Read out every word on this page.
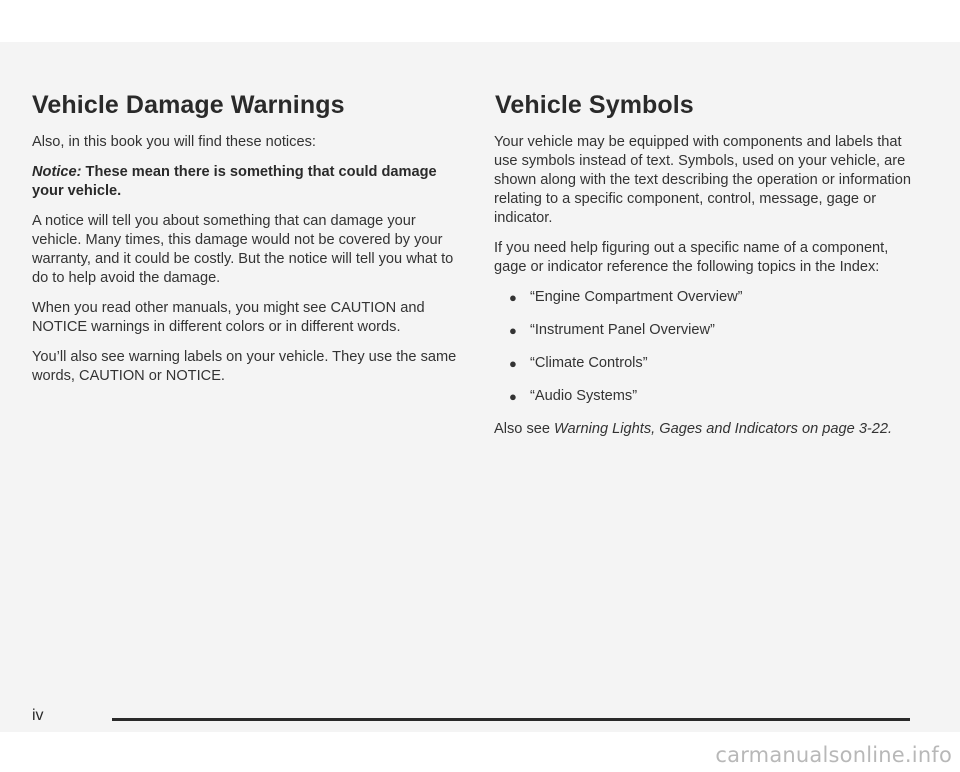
Vehicle Damage Warnings

Also, in this book you will find these notices:

Notice: These mean there is something that could damage your vehicle.

A notice will tell you about something that can damage your vehicle. Many times, this damage would not be covered by your warranty, and it could be costly. But the notice will tell you what to do to help avoid the damage.

When you read other manuals, you might see CAUTION and NOTICE warnings in different colors or in different words.

You’ll also see warning labels on your vehicle. They use the same words, CAUTION or NOTICE.

Vehicle Symbols

Your vehicle may be equipped with components and labels that use symbols instead of text. Symbols, used on your vehicle, are shown along with the text describing the operation or information relating to a specific component, control, message, gage or indicator.

If you need help figuring out a specific name of a component, gage or indicator reference the following topics in the Index:

● “Engine Compartment Overview”
● “Instrument Panel Overview”
● “Climate Controls”
● “Audio Systems”

Also see Warning Lights, Gages and Indicators on page 3-22.

iv
carmanualsonline.info
